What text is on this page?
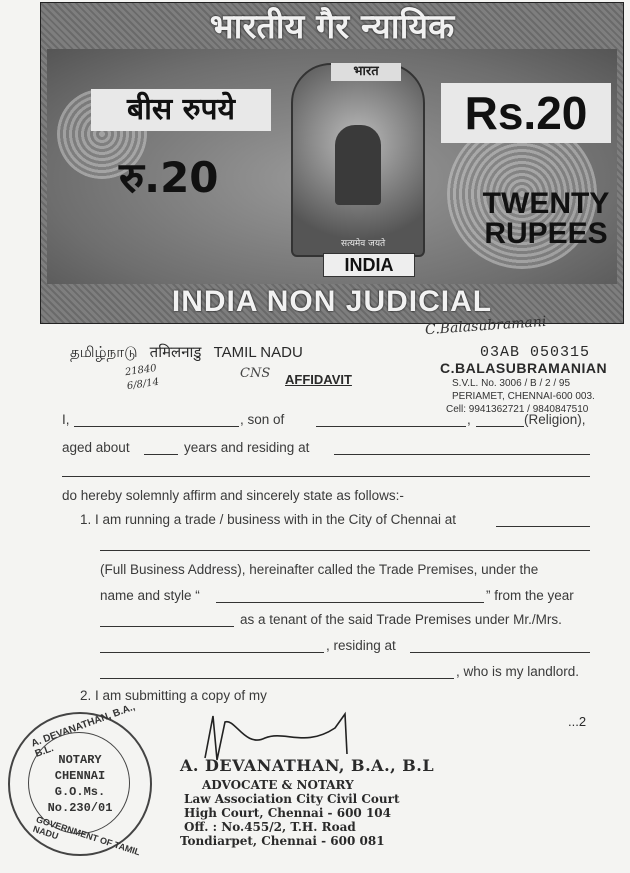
भारतीय गैर न्यायिक
बीस रुपये
रु.20
Rs.20
TWENTY
RUPEES
भारत
सत्यमेव जयते
INDIA
INDIA NON JUDICIAL
C.Balasubramani
தமிழ்நாடு तमिलनाडु TAMIL NADU
21840
6/8/14
CNS AFFIDAVIT
03AB 050315
C.BALASUBRAMANIAN
S.V.L. No. 3006 / B / 2 / 95
PERIAMET, CHENNAI-600 003.
Cell: 9941362721 / 9840847510
I,	, son of	,	(Religion),
aged about	years and residing at
do hereby solemnly affirm and sincerely state as follows:-
1. I am running a trade / business with in the City of Chennai at
(Full Business Address), hereinafter called the Trade Premises, under the
name and style “	” from the year
as a tenant of the said Trade Premises under Mr./Mrs.
, residing at
, who is my landlord.
2. I am submitting a copy of my
...2
A. DEVANATHAN, B.A., B.L.
NOTARY
CHENNAI
G.O.Ms.
No.230/01
GOVERNMENT OF TAMIL NADU
A. DEVANATHAN, B.A., B.L
ADVOCATE & NOTARY
Law Association City Civil Court
High Court, Chennai - 600 104
Off. : No.455/2, T.H. Road
Tondiarpet, Chennai - 600 081
